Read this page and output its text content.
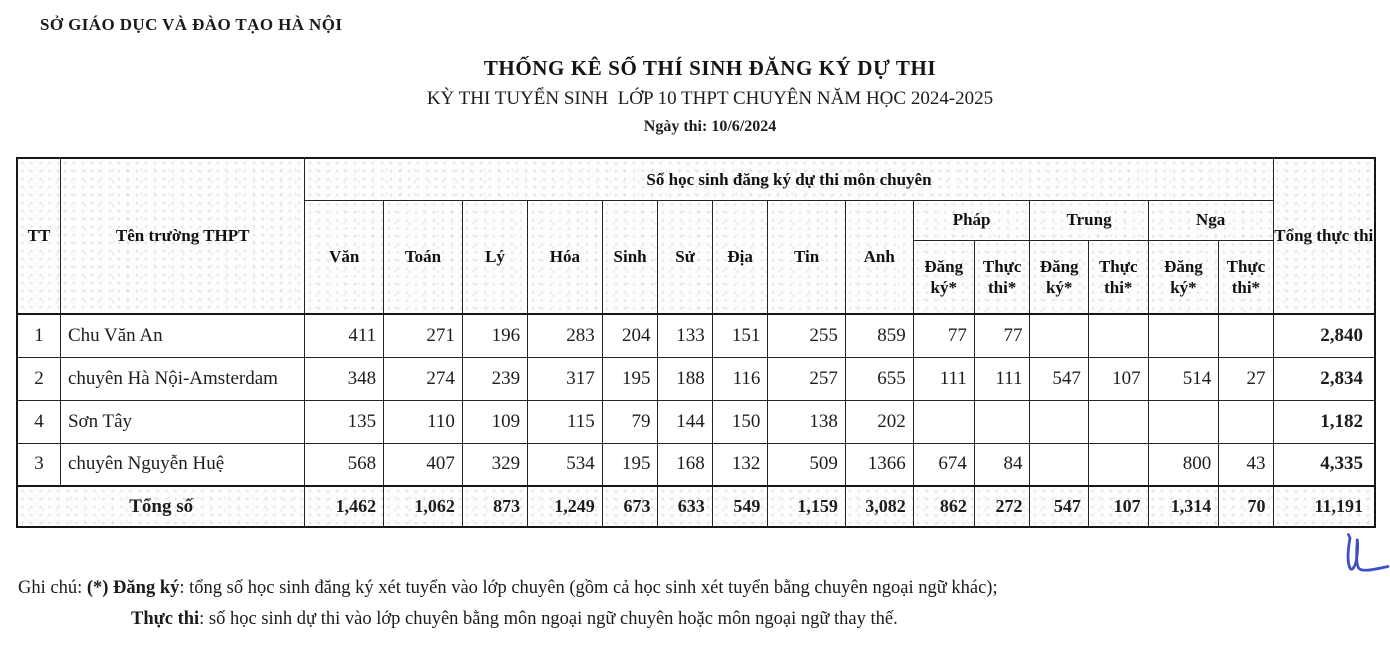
SỞ GIÁO DỤC VÀ ĐÀO TẠO HÀ NỘI
THỐNG KÊ SỐ THÍ SINH ĐĂNG KÝ DỰ THI
KỲ THI TUYỂN SINH  LỚP 10 THPT CHUYÊN NĂM HỌC 2024-2025
Ngày thi: 10/6/2024
TT	Tên trường THPT	Số học sinh đăng ký dự thi môn chuyên															Tổng thực thi
		Văn	Toán	Lý	Hóa	Sinh	Sử	Địa	Tin	Anh	Pháp		Trung		Nga		
											Đăng ký*	Thực thi*	Đăng ký*	Thực thi*	Đăng ký*	Thực thi*	
1	Chu Văn An	411	271	196	283	204	133	151	255	859	77	77					2,840
2	chuyên Hà Nội-Amsterdam	348	274	239	317	195	188	116	257	655	111	111	547	107	514	27	2,834
4	Sơn Tây	135	110	109	115	79	144	150	138	202							1,182
3	chuyên Nguyễn Huệ	568	407	329	534	195	168	132	509	1366	674	84			800	43	4,335
Tổng số		1,462	1,062	873	1,249	673	633	549	1,159	3,082	862	272	547	107	1,314	70	11,191
Ghi chú: (*) Đăng ký: tổng số học sinh đăng ký xét tuyển vào lớp chuyên (gồm cả học sinh xét tuyển bằng chuyên ngoại ngữ khác);
Thực thi: số học sinh dự thi vào lớp chuyên bằng môn ngoại ngữ chuyên hoặc môn ngoại ngữ thay thế.
